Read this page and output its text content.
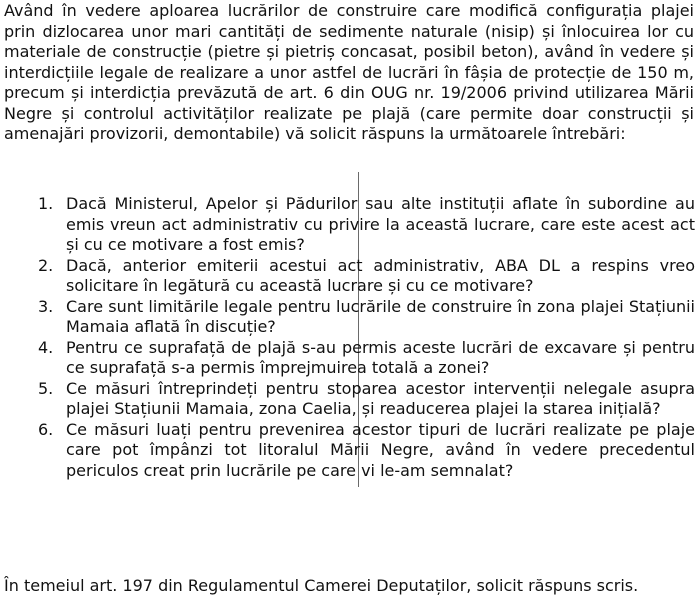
Având în vedere aploarea lucrărilor de construire care modifică configurația plajei prin dizlocarea unor mari cantități de sedimente naturale (nisip) și înlocuirea lor cu materiale de construcție (pietre și pietriș concasat, posibil beton), având în vedere și interdicțiile legale de realizare a unor astfel de lucrări în fâșia de protecție de 150 m, precum și interdicția prevăzută de art. 6 din OUG nr. 19/2006 privind utilizarea Mării Negre și controlul activităților realizate pe plajă (care permite doar construcții și amenajări provizorii, demontabile) vă solicit răspuns la următoarele întrebări:

1. Dacă Ministerul, Apelor și Pădurilor sau alte instituții aflate în subordine au emis vreun act administrativ cu privire la această lucrare, care este acest act și cu ce motivare a fost emis?
2. Dacă, anterior emiterii acestui act administrativ, ABA DL a respins vreo solicitare în legătură cu această lucrare și cu ce motivare?
3. Care sunt limitările legale pentru lucrările de construire în zona plajei Stațiunii Mamaia aflată în discuție?
4. Pentru ce suprafață de plajă s-au permis aceste lucrări de excavare și pentru ce suprafață s-a permis împrejmuirea totală a zonei?
5. Ce măsuri întreprindeți pentru stoparea acestor intervenții nelegale asupra plajei Stațiunii Mamaia, zona Caelia, și readucerea plajei la starea inițială?
6. Ce măsuri luați pentru prevenirea acestor tipuri de lucrări realizate pe plaje care pot împânzi tot litoralul Mării Negre, având în vedere precedentul periculos creat prin lucrările pe care vi le-am semnalat?

În temeiul art. 197 din Regulamentul Camerei Deputaților, solicit răspuns scris.
